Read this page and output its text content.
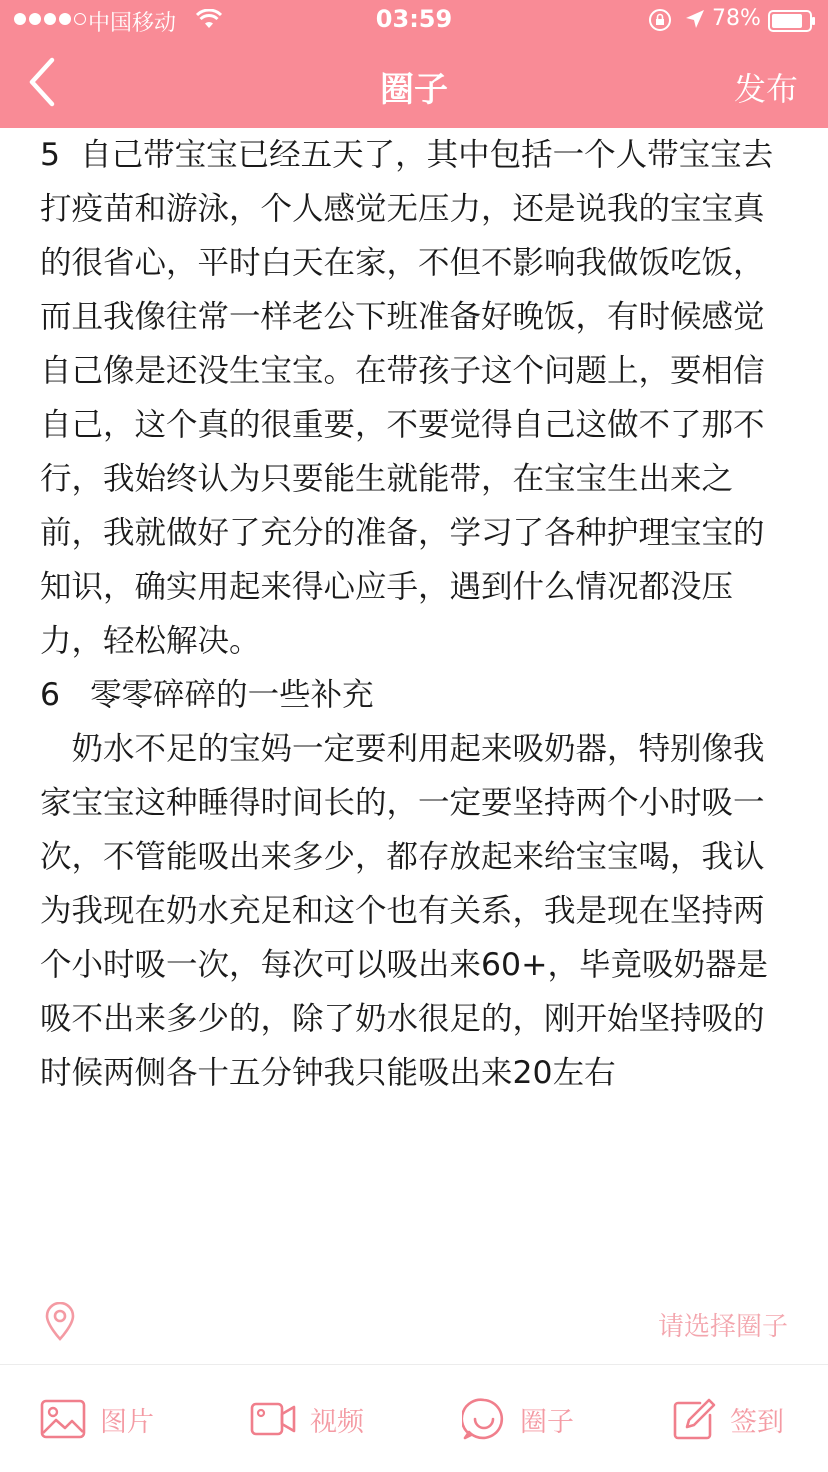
中国移动	03:59	78%
圈子	发布

5  自己带宝宝已经五天了，其中包括一个人带宝宝去打疫苗和游泳，个人感觉无压力，还是说我的宝宝真的很省心，平时白天在家，不但不影响我做饭吃饭，而且我像往常一样老公下班准备好晚饭，有时候感觉自己像是还没生宝宝。在带孩子这个问题上，要相信自己，这个真的很重要，不要觉得自己这做不了那不行，我始终认为只要能生就能带，在宝宝生出来之前，我就做好了充分的准备，学习了各种护理宝宝的知识，确实用起来得心应手，遇到什么情况都没压力，轻松解决。

6   零零碎碎的一些补充

　奶水不足的宝妈一定要利用起来吸奶器，特别像我家宝宝这种睡得时间长的，一定要坚持两个小时吸一次，不管能吸出来多少，都存放起来给宝宝喝，我认为我现在奶水充足和这个也有关系，我是现在坚持两个小时吸一次，每次可以吸出来60+，毕竟吸奶器是吸不出来多少的，除了奶水很足的，刚开始坚持吸的时候两侧各十五分钟我只能吸出来20左右

请选择圈子
图片	视频	圈子	签到
